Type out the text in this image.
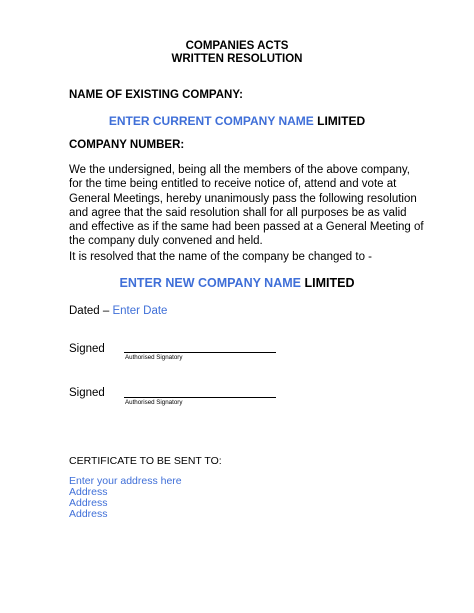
COMPANIES ACTS
WRITTEN RESOLUTION
NAME OF EXISTING COMPANY:
ENTER CURRENT COMPANY NAME LIMITED
COMPANY NUMBER:
We the undersigned, being all the members of the above company,
for the time being entitled to receive notice of, attend and vote at
General Meetings, hereby unanimously pass the following resolution
and agree that the said resolution shall for all purposes be as valid
and effective as if the same had been passed at a General Meeting of
the company duly convened and held.
It is resolved that the name of the company be changed to -
ENTER NEW COMPANY NAME LIMITED
Dated – Enter Date
Signed
Authorised Signatory
Signed
Authorised Signatory
CERTIFICATE TO BE SENT TO:
Enter your address here
Address
Address
Address
